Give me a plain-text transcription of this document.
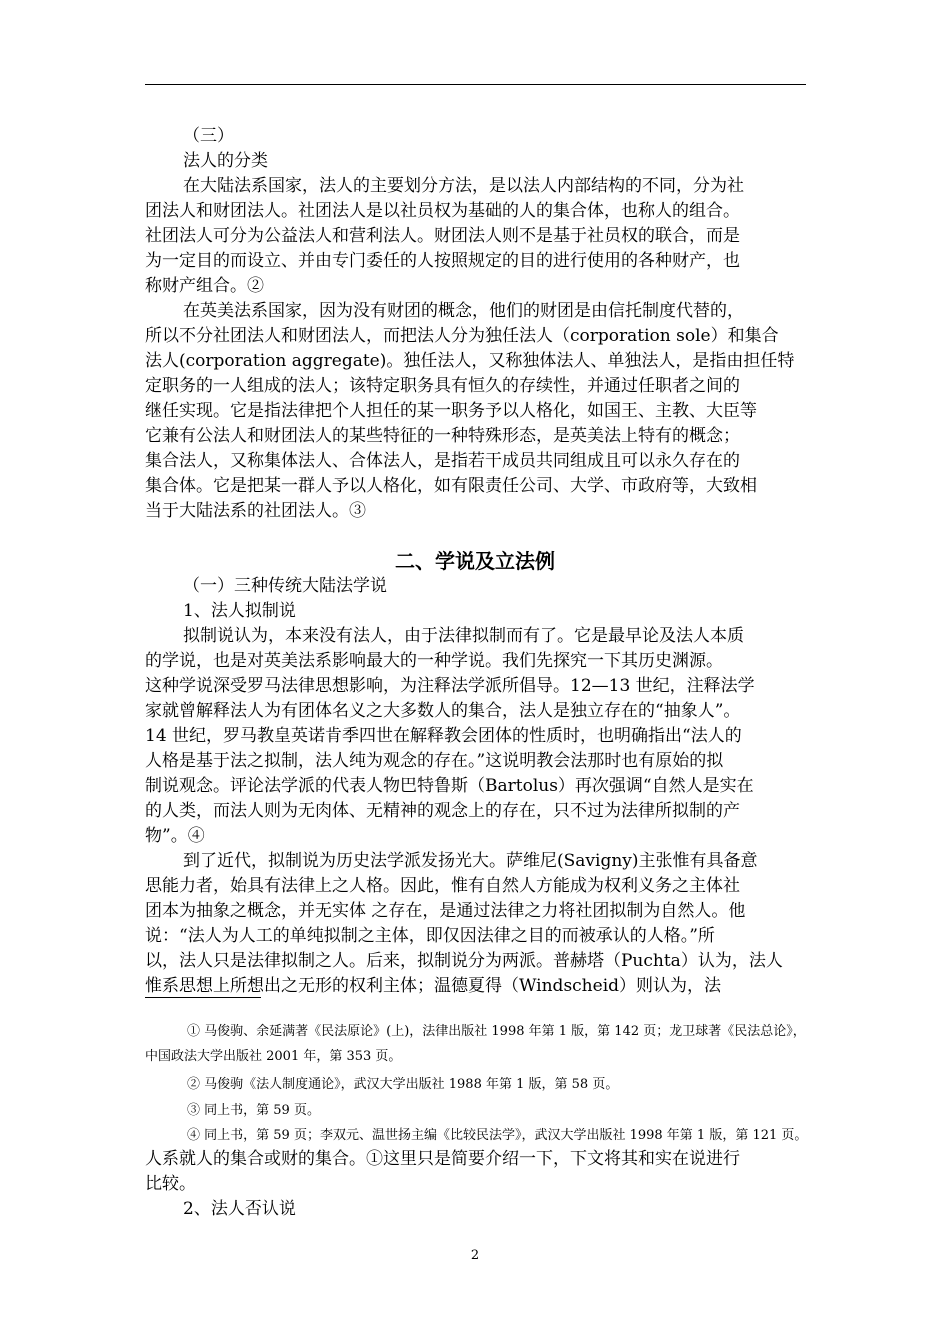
（三）
法人的分类
在大陆法系国家，法人的主要划分方法，是以法人内部结构的不同，分为社
团法人和财团法人。社团法人是以社员权为基础的人的集合体，也称人的组合。
社团法人可分为公益法人和营利法人。财团法人则不是基于社员权的联合，而是
为一定目的而设立、并由专门委任的人按照规定的目的进行使用的各种财产，也
称财产组合。②
在英美法系国家，因为没有财团的概念，他们的财团是由信托制度代替的，
所以不分社团法人和财团法人，而把法人分为独任法人（corporation sole）和集合
法人(corporation aggregate)。独任法人，又称独体法人、单独法人，是指由担任特
定职务的一人组成的法人；该特定职务具有恒久的存续性，并通过任职者之间的
继任实现。它是指法律把个人担任的某一职务予以人格化，如国王、主教、大臣等
它兼有公法人和财团法人的某些特征的一种特殊形态，是英美法上特有的概念；
集合法人，又称集体法人、合体法人，是指若干成员共同组成且可以永久存在的
集合体。它是把某一群人予以人格化，如有限责任公司、大学、市政府等，大致相
当于大陆法系的社团法人。③
二、学说及立法例
（一）三种传统大陆法学说
1、法人拟制说
拟制说认为，本来没有法人，由于法律拟制而有了。它是最早论及法人本质
的学说，也是对英美法系影响最大的一种学说。我们先探究一下其历史渊源。
这种学说深受罗马法律思想影响，为注释法学派所倡导。12—13 世纪，注释法学
家就曾解释法人为有团体名义之大多数人的集合，法人是独立存在的“抽象人”。
14 世纪，罗马教皇英诺肯季四世在解释教会团体的性质时，也明确指出“法人的
人格是基于法之拟制，法人纯为观念的存在。”这说明教会法那时也有原始的拟
制说观念。评论法学派的代表人物巴特鲁斯（Bartolus）再次强调“自然人是实在
的人类，而法人则为无肉体、无精神的观念上的存在，只不过为法律所拟制的产
物”。④
到了近代，拟制说为历史法学派发扬光大。萨维尼(Savigny)主张惟有具备意
思能力者，始具有法律上之人格。因此，惟有自然人方能成为权利义务之主体社
团本为抽象之概念，并无实体 之存在，是通过法律之力将社团拟制为自然人。他
说：“法人为人工的单纯拟制之主体，即仅因法律之目的而被承认的人格。”所
以，法人只是法律拟制之人。后来，拟制说分为两派。普赫塔（Puchta）认为，法人
惟系思想上所想出之无形的权利主体；温德夏得（Windscheid）则认为，法
① 马俊驹、余延满著《民法原论》(上)，法律出版社 1998 年第 1 版，第 142 页；龙卫球著《民法总论》，
中国政法大学出版社 2001 年，第 353 页。
② 马俊驹《法人制度通论》，武汉大学出版社 1988 年第 1 版，第 58 页。
③ 同上书，第 59 页。
④ 同上书，第 59 页；李双元、温世扬主编《比较民法学》，武汉大学出版社 1998 年第 1 版，第 121 页。
人系就人的集合或财的集合。①这里只是简要介绍一下，下文将其和实在说进行
比较。
2、法人否认说
2
